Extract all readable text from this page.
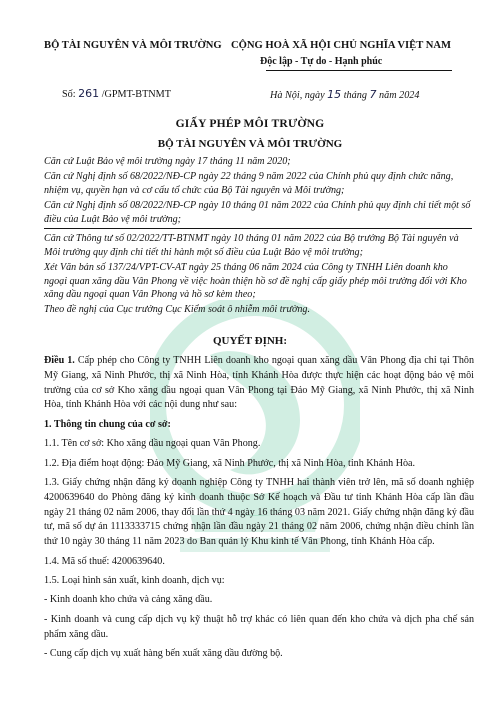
BỘ TÀI NGUYÊN VÀ MÔI TRƯỜNG CỘNG HOÀ XÃ HỘI CHỦ NGHĨA VIỆT NAM
Độc lập - Tự do - Hạnh phúc
Số: 261 /GPMT-BTNMT	Hà Nội, ngày 15 tháng 7 năm 2024
GIẤY PHÉP MÔI TRƯỜNG
BỘ TÀI NGUYÊN VÀ MÔI TRƯỜNG

Căn cứ Luật Bảo vệ môi trường ngày 17 tháng 11 năm 2020;

Căn cứ Nghị định số 68/2022/NĐ-CP ngày 22 tháng 9 năm 2022 của Chính phủ quy định chức năng, nhiệm vụ, quyền hạn và cơ cấu tổ chức của Bộ Tài nguyên và Môi trường;

Căn cứ Nghị định số 08/2022/NĐ-CP ngày 10 tháng 01 năm 2022 của Chính phủ quy định chi tiết một số điều của Luật Bảo vệ môi trường;

Căn cứ Thông tư số 02/2022/TT-BTNMT ngày 10 tháng 01 năm 2022 của Bộ trưởng Bộ Tài nguyên và Môi trường quy định chi tiết thi hành một số điều của Luật Bảo vệ môi trường;

Xét Văn bản số 137/24/VPT-CV-AT ngày 25 tháng 06 năm 2024 của Công ty TNHH Liên doanh kho ngoại quan xăng dầu Vân Phong về việc hoàn thiện hồ sơ đề nghị cấp giấy phép môi trường đối với Kho xăng dầu ngoại quan Vân Phong và hồ sơ kèm theo;

Theo đề nghị của Cục trưởng Cục Kiểm soát ô nhiễm môi trường.

QUYẾT ĐỊNH:

Điều 1. Cấp phép cho Công ty TNHH Liên doanh kho ngoại quan xăng dầu Vân Phong địa chỉ tại Thôn Mỹ Giang, xã Ninh Phước, thị xã Ninh Hòa, tỉnh Khánh Hòa được thực hiện các hoạt động bảo vệ môi trường của cơ sở Kho xăng dầu ngoại quan Vân Phong tại Đảo Mỹ Giang, xã Ninh Phước, thị xã Ninh Hòa, tỉnh Khánh Hòa với các nội dung như sau:

1. Thông tin chung của cơ sở:

1.1. Tên cơ sở: Kho xăng dầu ngoại quan Vân Phong.

1.2. Địa điểm hoạt động: Đảo Mỹ Giang, xã Ninh Phước, thị xã Ninh Hòa, tỉnh Khánh Hòa.

1.3. Giấy chứng nhận đăng ký doanh nghiệp Công ty TNHH hai thành viên trở lên, mã số doanh nghiệp 4200639640 do Phòng đăng ký kinh doanh thuộc Sở Kế hoạch và Đầu tư tỉnh Khánh Hòa cấp lần đầu ngày 21 tháng 02 năm 2006, thay đổi lần thứ 4 ngày 16 tháng 03 năm 2021. Giấy chứng nhận đăng ký đầu tư, mã số dự án 1113333715 chứng nhận lần đầu ngày 21 tháng 02 năm 2006, chứng nhận điều chỉnh lần thứ 10 ngày 30 tháng 11 năm 2023 do Ban quản lý Khu kinh tế Vân Phong, tỉnh Khánh Hòa cấp.

1.4. Mã số thuế: 4200639640.

1.5. Loại hình sản xuất, kinh doanh, dịch vụ:

- Kinh doanh kho chứa và cảng xăng dầu.

- Kinh doanh và cung cấp dịch vụ kỹ thuật hỗ trợ khác có liên quan đến kho chứa và dịch pha chế sản phẩm xăng dầu.

- Cung cấp dịch vụ xuất hàng bến xuất xăng dầu đường bộ.
